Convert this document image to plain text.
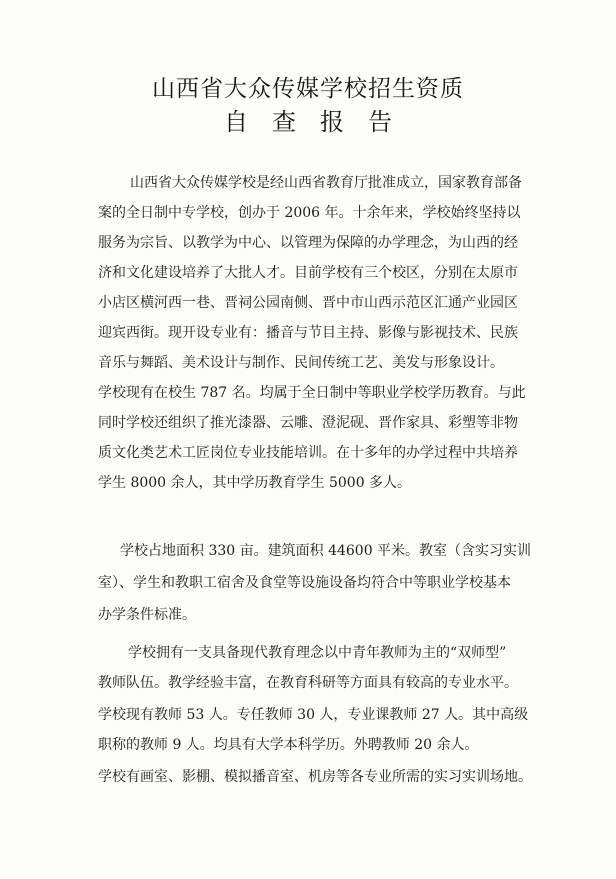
山西省大众传媒学校招生资质
自 查 报 告
山西省大众传媒学校是经山西省教育厅批准成立，国家教育部备
案的全日制中专学校，创办于 2006 年。十余年来，学校始终坚持以
服务为宗旨、以教学为中心、以管理为保障的办学理念，为山西的经
济和文化建设培养了大批人才。目前学校有三个校区，分别在太原市
小店区横河西一巷、晋祠公园南侧、晋中市山西示范区汇通产业园区
迎宾西街。现开设专业有：播音与节目主持、影像与影视技术、民族
音乐与舞蹈、美术设计与制作、民间传统工艺、美发与形象设计。
学校现有在校生 787 名。均属于全日制中等职业学校学历教育。与此
同时学校还组织了推光漆器、云雕、澄泥砚、晋作家具、彩塑等非物
质文化类艺术工匠岗位专业技能培训。在十多年的办学过程中共培养
学生 8000 余人，其中学历教育学生 5000 多人。
学校占地面积 330 亩。建筑面积 44600 平米。教室（含实习实训
室）、学生和教职工宿舍及食堂等设施设备均符合中等职业学校基本
办学条件标准。
学校拥有一支具备现代教育理念以中青年教师为主的“双师型”
教师队伍。教学经验丰富，在教育科研等方面具有较高的专业水平。
学校现有教师 53 人。专任教师 30 人，专业课教师 27 人。其中高级
职称的教师 9 人。均具有大学本科学历。外聘教师 20 余人。
学校有画室、影棚、模拟播音室、机房等各专业所需的实习实训场地。
